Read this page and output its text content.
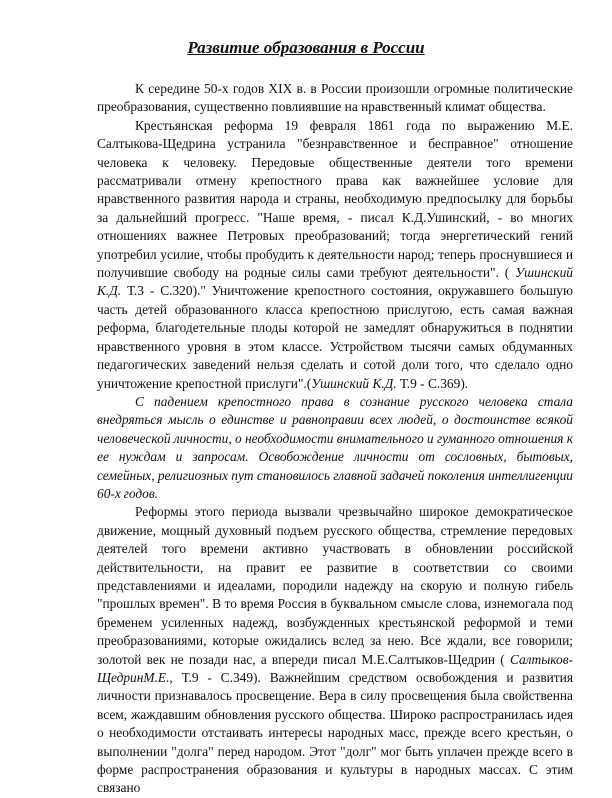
Развитие образования в России

К середине 50-х годов XIX в. в России произошли огромные политические преобразования, существенно повлиявшие на нравственный климат общества.

Крестьянская реформа 19 февраля 1861 года по выражению М.Е. Салтыкова-Щедрина устранила "безнравственное и бесправное" отношение человека к человеку. Передовые общественные деятели того времени рассматривали отмену крепостного права как важнейшее условие для нравственного развития народа и страны, необходимую предпосылку для борьбы за дальнейший прогресс. "Наше время, - писал К.Д.Ушинский, - во многих отношениях важнее Петровых преобразований; тогда энергетический гений употребил усилие, чтобы пробудить к деятельности народ; теперь проснувшиеся и получившие свободу на родные силы сами требуют деятельности". ( Ушинский К.Д. Т.3 - С.320)." Уничтожение крепостного состояния, окружавшего большую часть детей образованного класса крепостною прислугою, есть самая важная реформа, благодетельные плоды которой не замедлят обнаружиться в поднятии нравственного уровня в этом классе. Устройством тысячи самых обдуманных педагогических заведений нельзя сделать и сотой доли того, что сделало одно уничтожение крепостной прислуги".(Ушинский К.Д. Т.9 - С.369).

С падением крепостного права в сознание русского человека стала внедряться мысль о единстве и равноправии всех людей, о достоинстве всякой человеческой личности, о необходимости внимательного и гуманного отношения к ее нуждам и запросам. Освобождение личности от сословных, бытовых, семейных, религиозных пут становилось главной задачей поколения интеллигенции 60-х годов.

Реформы этого периода вызвали чрезвычайно широкое демократическое движение, мощный духовный подъем русского общества, стремление передовых деятелей того времени активно участвовать в обновлении российской действительности, на правит ее развитие в соответствии со своими представлениями и идеалами, породили надежду на скорую и полную гибель "прошлых времен". В то время Россия в буквальном смысле слова, изнемогала под бременем усиленных надежд, возбужденных крестьянской реформой и теми преобразованиями, которые ожидались вслед за нею. Все ждали, все говорили; золотой век не позади нас, а впереди писал М.Е.Салтыков-Щедрин ( Салтыков-ЩедринМ.Е., Т.9 - С.349). Важнейшим средством освобождения и развития личности признавалось просвещение. Вера в силу просвещения была свойственна всем, жаждавшим обновления русского общества. Широко распространилась идея о необходимости отстаивать интересы народных масс, прежде всего крестьян, о выполнении "долга" перед народом. Этот "долг" мог быть уплачен прежде всего в форме распространения образования и культуры в народных массах. С этим связано
